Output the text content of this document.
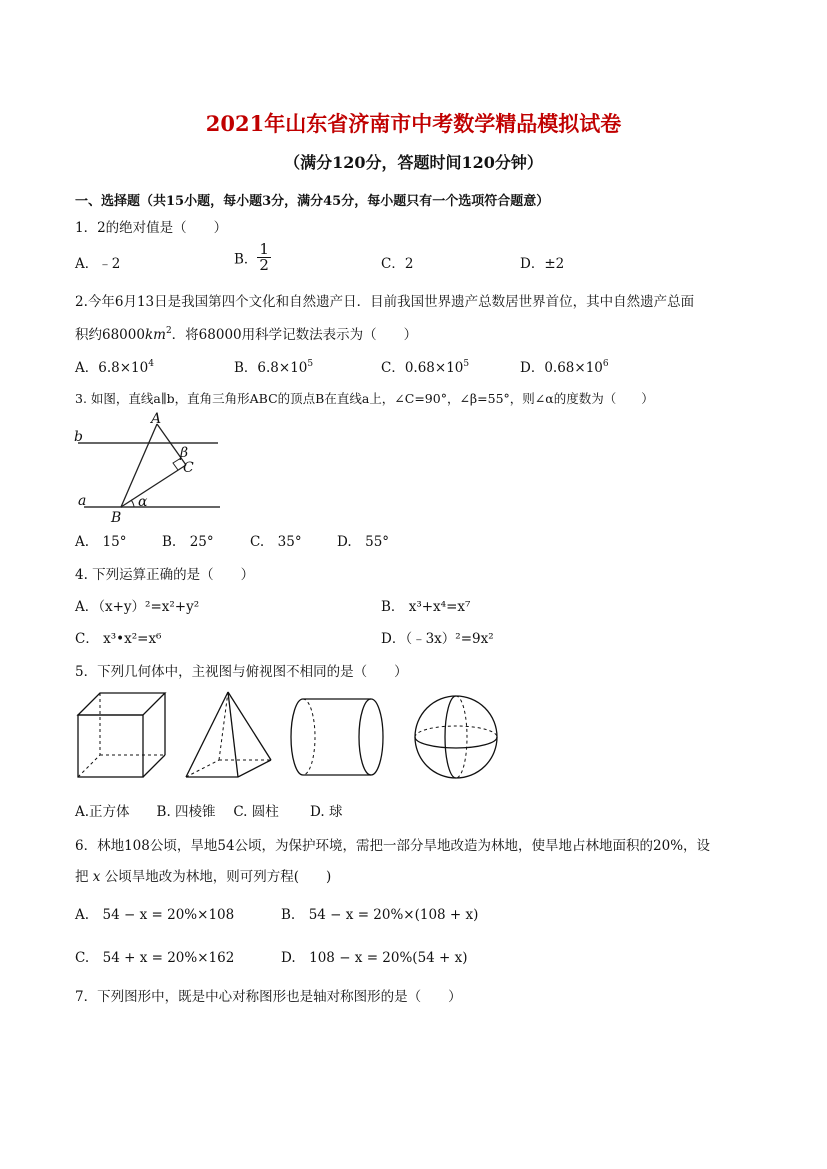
2021年山东省济南市中考数学精品模拟试卷
（满分120分，答题时间120分钟）
一、选择题（共15小题，每小题3分，满分45分，每小题只有一个选项符合题意）
1．2的绝对值是（　　）
A．﹣2	B． $\frac{1}{2}$	C．2	D．±2
2.今年6月13日是我国第四个文化和自然遗产日．目前我国世界遗产总数居世界首位，其中自然遗产总面
积约$68000km^2$．将68000用科学记数法表示为（　　）
A．$6.8\times 10^4$	B．$6.8\times 10^5$	C．$0.68\times 10^5$	D．$0.68\times 10^6$
3. 如图，直线a∥b，直角三角形ABC的顶点B在直线a上，∠C=90°，∠β=55°，则∠α的度数为（　　）
A
b
β
C
a	α
B
A.　15°	B.　25°	C.　35°	D.　55°
4. 下列运算正确的是（　　）
A．（x+y）²=x²+y²	B． x³+x⁴=x⁷
C． x³•x²=x⁶	D．（﹣3x）²=9x²
5．下列几何体中，主视图与俯视图不相同的是（　　）
A.正方体　　B. 四棱锥　 C. 圆柱　　 D. 球
6．林地108公顷，旱地54公顷，为保护环境，需把一部分旱地改造为林地，使旱地占林地面积的20%，设
把 x 公顷旱地改为林地，则可列方程(　　)
A.　54 − x = 20%×108	B.　54 − x = 20%×(108 + x)
C.　54 + x = 20%×162	D.　108 − x = 20%(54 + x)
7．下列图形中，既是中心对称图形也是轴对称图形的是（　　）
